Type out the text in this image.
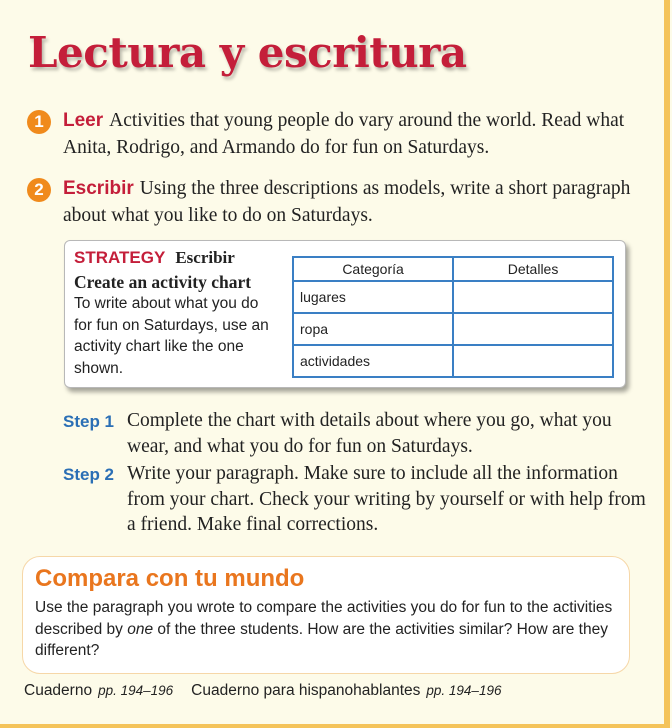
Lectura y escritura
1	Leer Activities that young people do vary around the world. Read what Anita, Rodrigo, and Armando do for fun on Saturdays.

2	Escribir Using the three descriptions as models, write a short paragraph about what you like to do on Saturdays.

STRATEGY Escribir
Create an activity chart
To write about what you do for fun on Saturdays, use an activity chart like the one shown.
Categoría	Detalles
lugares	
ropa	
actividades	
Step 1 Complete the chart with details about where you go, what you wear, and what you do for fun on Saturdays.

Step 2 Write your paragraph. Make sure to include all the information from your chart. Check your writing by yourself or with help from a friend. Make final corrections.

Compara con tu mundo

Use the paragraph you wrote to compare the activities you do for fun to the activities described by one of the three students. How are the activities similar? How are they different?

Cuaderno pp. 194–196 Cuaderno para hispanohablantes pp. 194–196
